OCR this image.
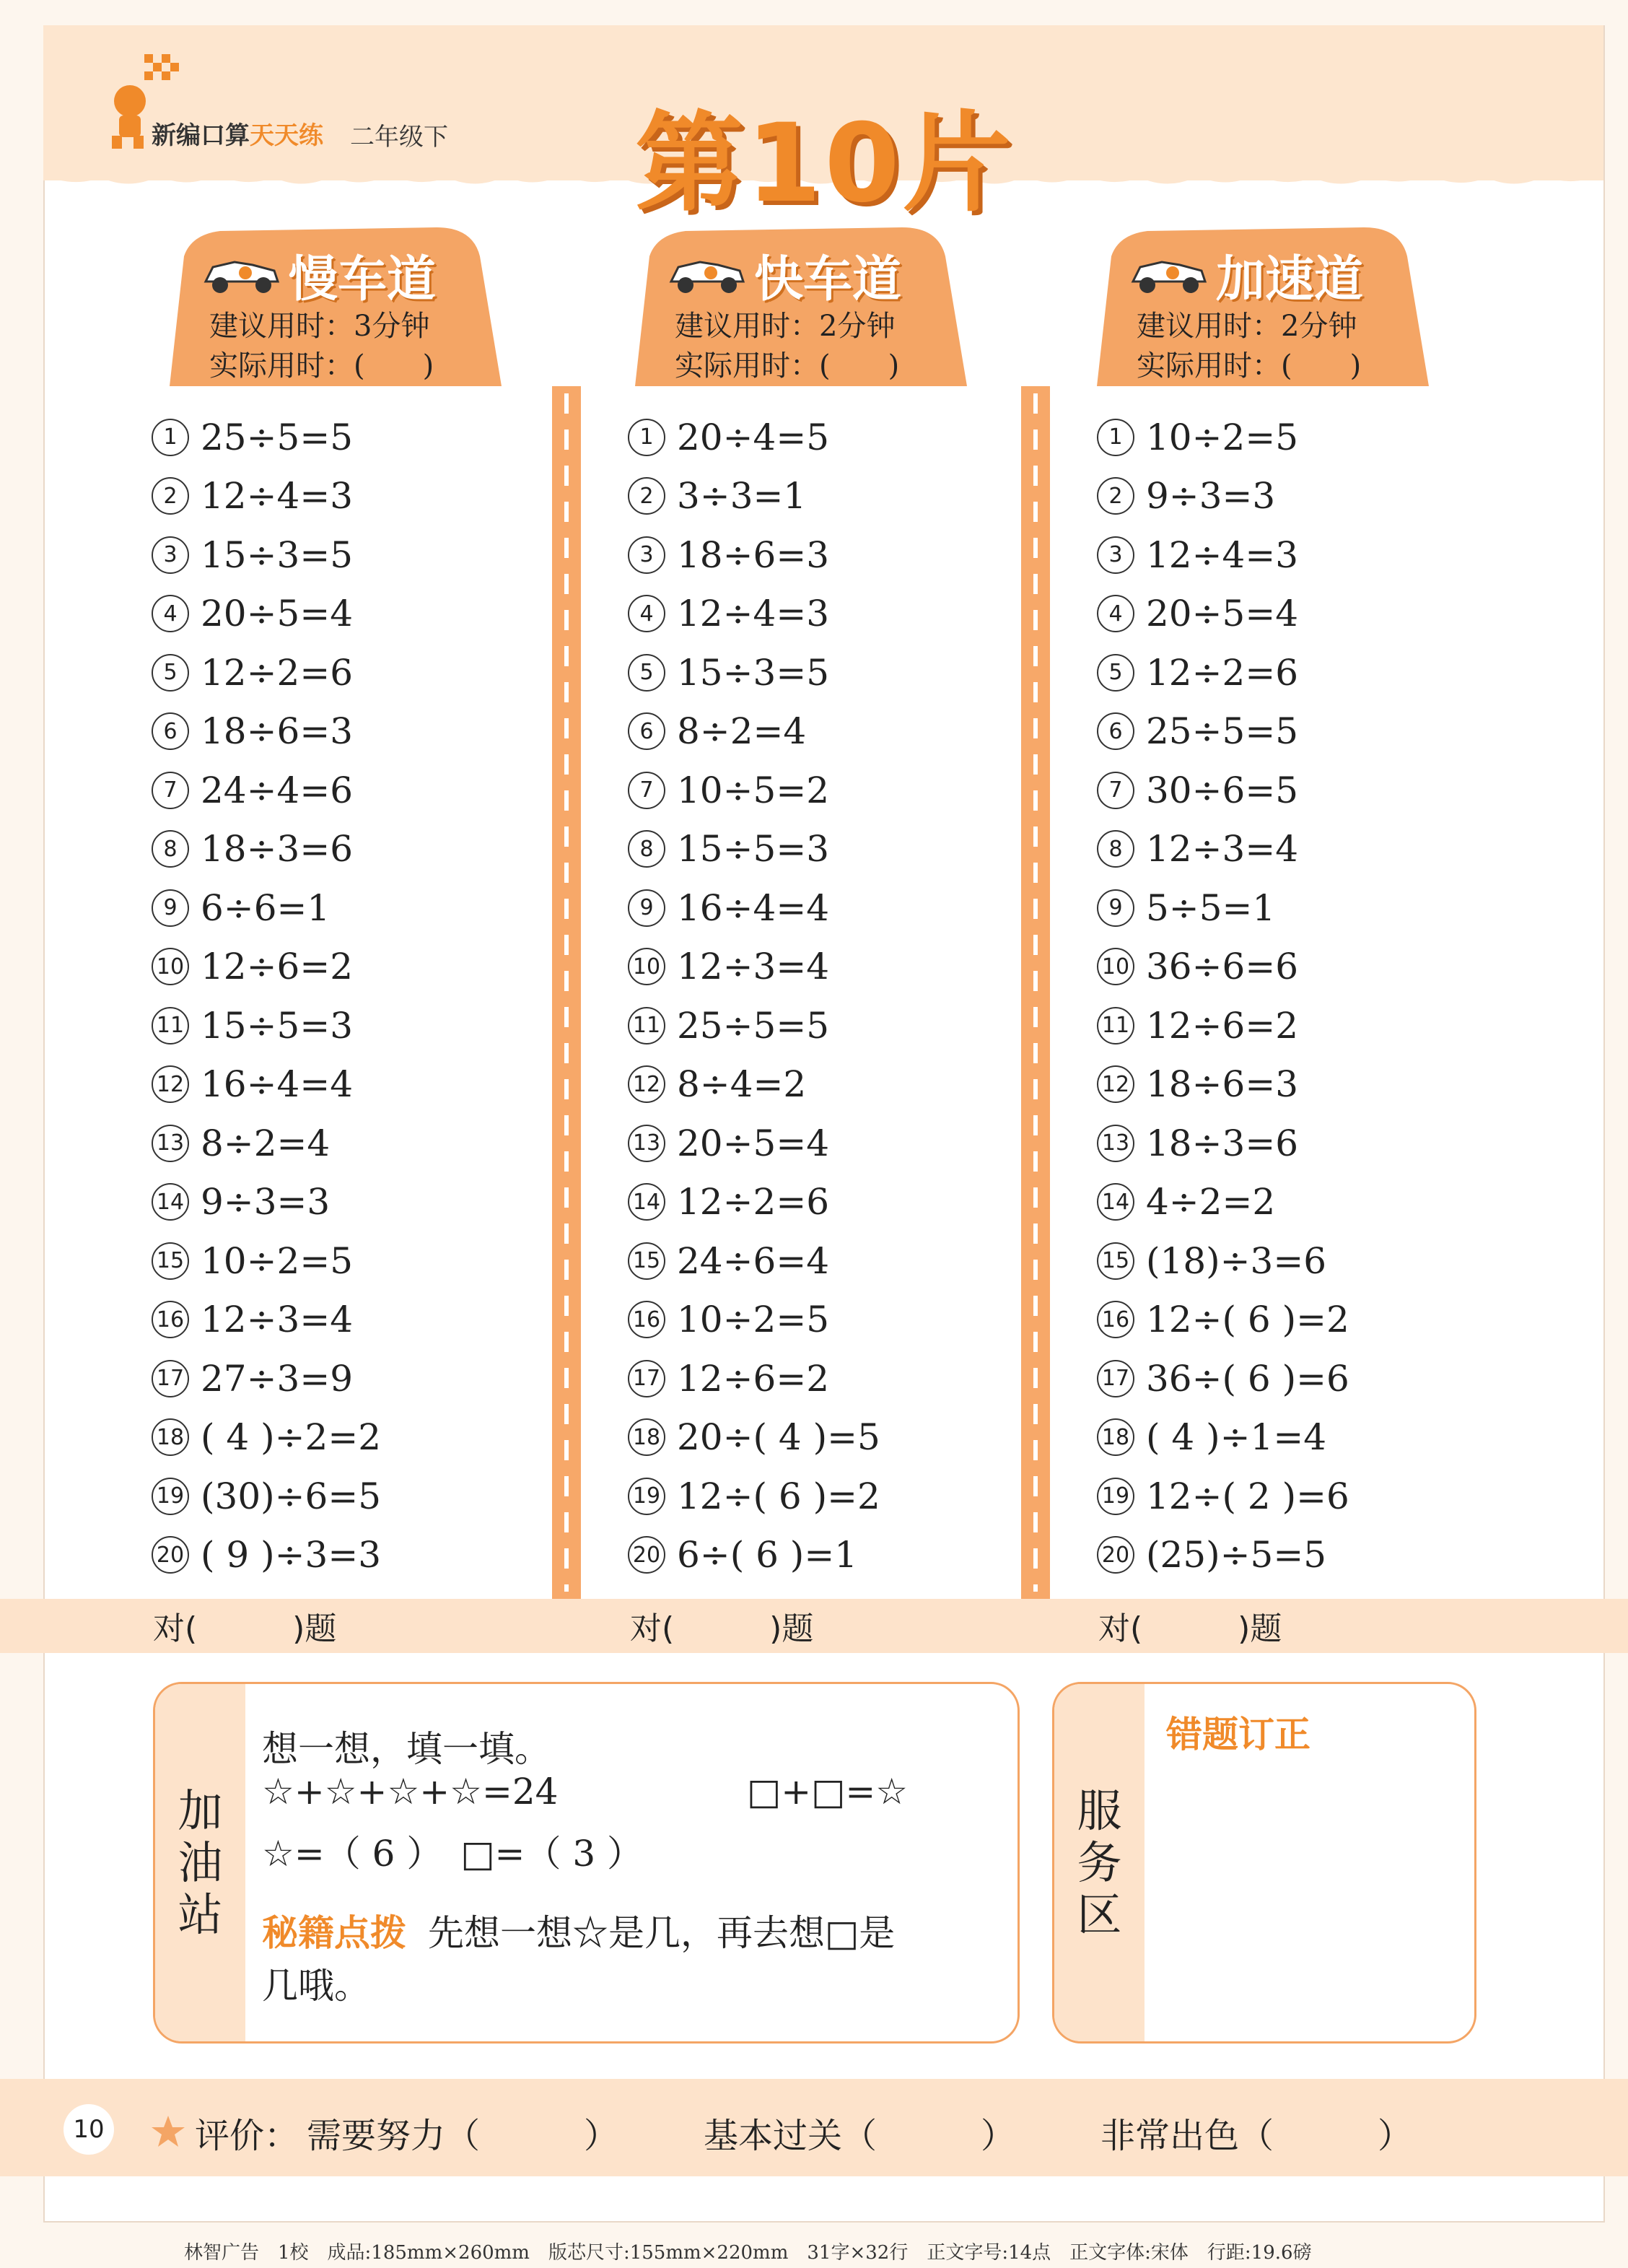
新编口算天天练 二年级下 第10片
慢车道
建议用时：3分钟
实际用时：(　　)
快车道
建议用时：2分钟
实际用时：(　　)
加速道
建议用时：2分钟
实际用时：(　　)
1 25÷5=5
2 12÷4=3
3 15÷3=5
4 20÷5=4
5 12÷2=6
6 18÷6=3
7 24÷4=6
8 18÷3=6
9 6÷6=1
10 12÷6=2
11 15÷5=3
12 16÷4=4
13 8÷2=4
14 9÷3=3
15 10÷2=5
16 12÷3=4
17 27÷3=9
18 ( 4 )÷2=2
19 (30)÷6=5
20 ( 9 )÷3=3
1 20÷4=5
2 3÷3=1
3 18÷6=3
4 12÷4=3
5 15÷3=5
6 8÷2=4
7 10÷5=2
8 15÷5=3
9 16÷4=4
10 12÷3=4
11 25÷5=5
12 8÷4=2
13 20÷5=4
14 12÷2=6
15 24÷6=4
16 10÷2=5
17 12÷6=2
18 20÷( 4 )=5
19 12÷( 6 )=2
20 6÷( 6 )=1
1 10÷2=5
2 9÷3=3
3 12÷4=3
4 20÷5=4
5 12÷2=6
6 25÷5=5
7 30÷6=5
8 12÷3=4
9 5÷5=1
10 36÷6=6
11 12÷6=2
12 18÷6=3
13 18÷3=6
14 4÷2=2
15 (18)÷3=6
16 12÷( 6 )=2
17 36÷( 6 )=6
18 ( 4 )÷1=4
19 12÷( 2 )=6
20 (25)÷5=5
对(　　　)题	对(　　　)题	对(　　　)题
加
油
站
想一想，填一填。
☆+☆+☆+☆=24	□+□=☆
☆=（ 6 ）　□=（ 3 ）
秘籍点拨 先想一想☆是几，再去想□是
几哦。
服
务
区
错题订正
10	评价： 需要努力（　　　） 基本过关（　　　） 非常出色（　　　）
林智广告　1校　成品:185mm×260mm　版芯尺寸:155mm×220mm　31字×32行　正文字号:14点　正文字体:宋体　行距:19.6磅
